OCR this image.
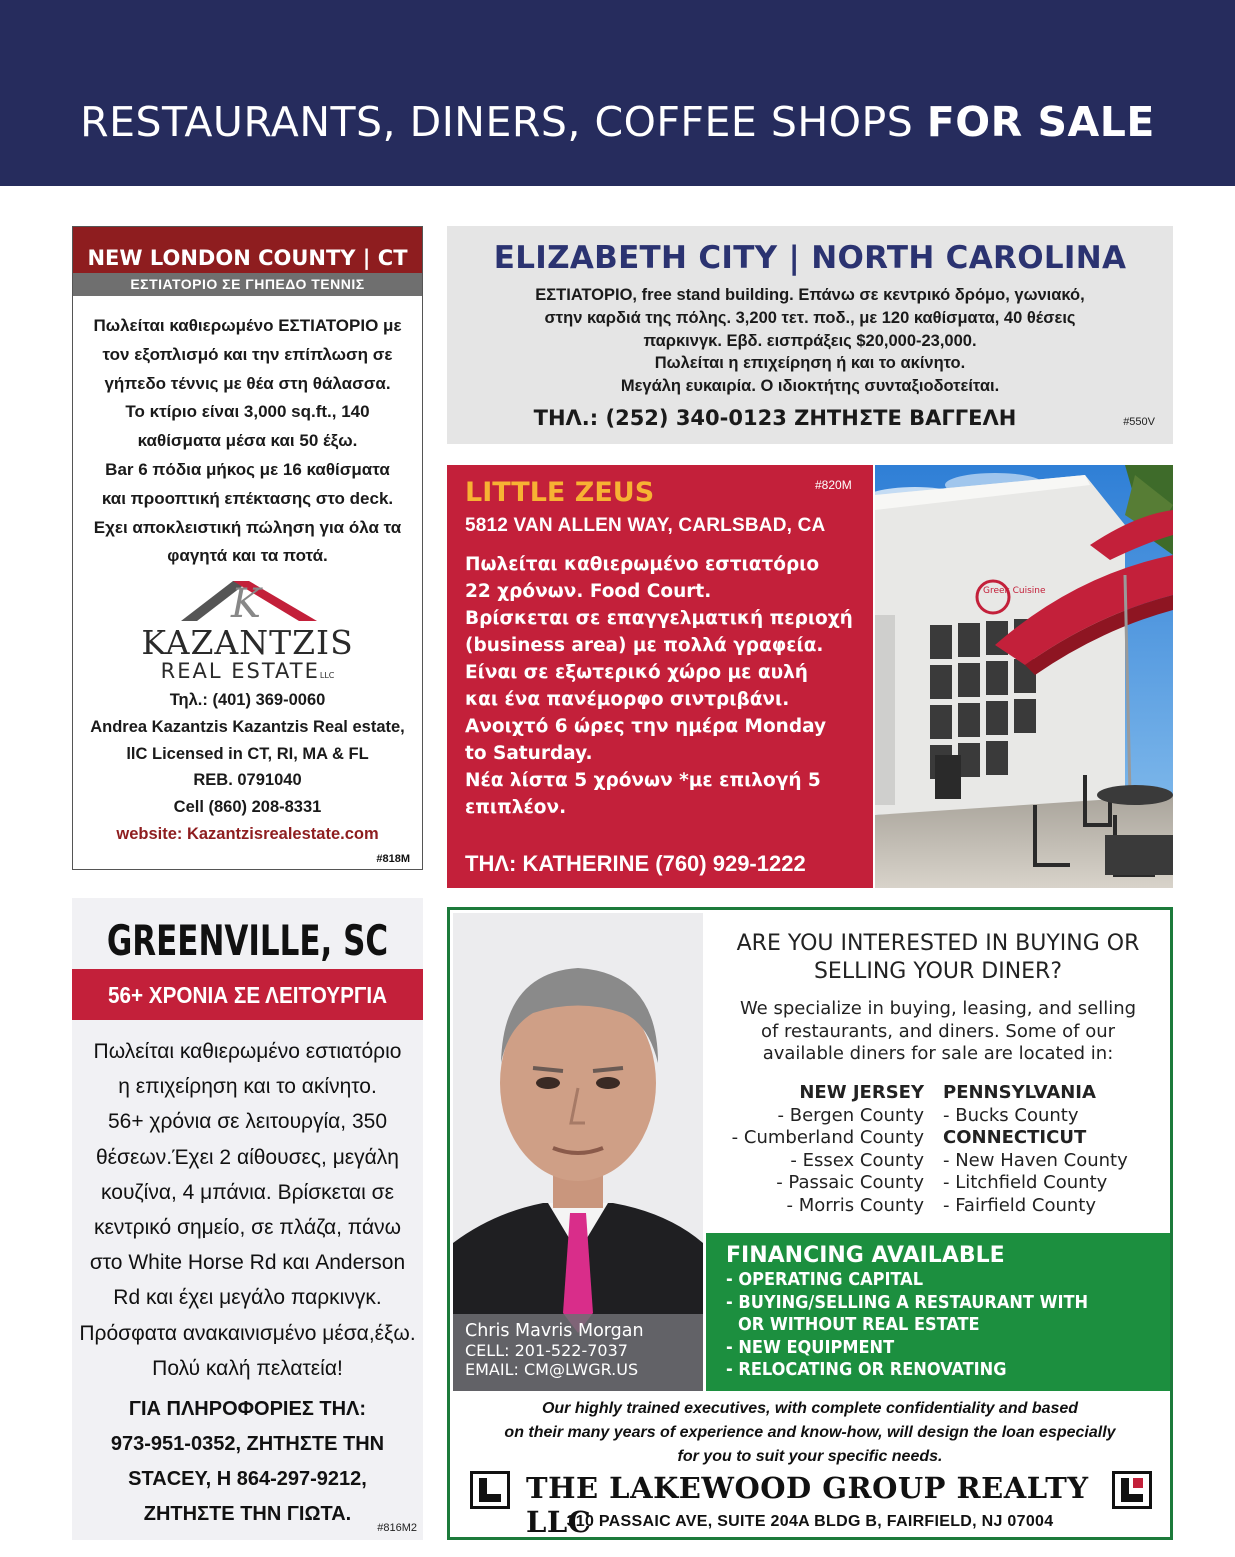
RESTAURANTS, DINERS, COFFEE SHOPS FOR SALE
NEW LONDON COUNTY | CT
ΕΣΤΙΑΤΟΡΙΟ ΣΕ ΓΗΠΕΔΟ ΤΕΝΝΙΣ
Πωλείται καθιερωμένο ΕΣΤΙΑΤΟΡΙΟ με
τον εξοπλισμό και την επίπλωση σε
γήπεδο τέννις με θέα στη θάλασσα.
Το κτίριο είναι 3,000 sq.ft., 140
καθίσματα μέσα και 50 έξω.
Bar 6 πόδια μήκος με 16 καθίσματα
και προοπτική επέκτασης στο deck.
Εχει αποκλειστική πώληση για όλα τα
φαγητά και τα ποτά.
K
KAZANTZIS
REAL ESTATELLC
Τηλ.: (401) 369-0060
Andrea Kazantzis Kazantzis Real estate,
llC Licensed in CT, RI, MA & FL
REB. 0791040
Cell (860) 208-8331
website: Kazantzisrealestate.com
#818M
ELIZABETH CITY | NORTH CAROLINA
ΕΣΤΙΑΤΟΡΙΟ, free stand building. Επάνω σε κεντρικό δρόμο, γωνιακό,
στην καρδιά της πόλης. 3,200 τετ. ποδ., με 120 καθίσματα, 40 θέσεις
παρκινγκ. Εβδ. εισπράξεις $20,000-23,000.
Πωλείται η επιχείρηση ή και το ακίνητο.
Μεγάλη ευκαιρία. Ο ιδιοκτήτης συνταξιοδοτείται.
ΤΗΛ.: (252) 340-0123 ΖΗΤΗΣΤΕ ΒΑΓΓΕΛΗ	#550V
LITTLE ZEUS	#820M
5812 VAN ALLEN WAY, CARLSBAD, CA
Πωλείται καθιερωμένο εστιατόριο
22 χρόνων. Food Court.
Βρίσκεται σε επαγγελματική περιοχή
(business area) με πολλά γραφεία.
Είναι σε εξωτερικό χώρο με αυλή
και ένα πανέμορφο σιντριβάνι.
Ανοιχτό 6 ώρες την ημέρα Monday
to Saturday.
Νέα λίστα 5 χρόνων *με επιλογή 5
επιπλέον.
ΤΗΛ: KATHERINE (760) 929-1222
Greek Cuisine
GREENVILLE, SC
56+ ΧΡΟΝΙΑ ΣΕ ΛΕΙΤΟΥΡΓΙΑ
Πωλείται καθιερωμένο εστιατόριο
η επιχείρηση και το ακίνητο.
56+ χρόνια σε λειτουργία, 350
θέσεων.Έχει 2 αίθουσες, μεγάλη
κουζίνα, 4 μπάνια. Βρίσκεται σε
κεντρικό σημείο, σε πλάζα, πάνω
στο White Horse Rd και Anderson
Rd και έχει μεγάλο παρκινγκ.
Πρόσφατα ανακαινισμένο μέσα,έξω.
Πολύ καλή πελατεία!
ΓΙΑ ΠΛΗΡΟΦΟΡΙΕΣ ΤΗΛ:
973-951-0352, ΖΗΤΗΣΤΕ ΤΗΝ
STACEY, Η 864-297-9212,
ΖΗΤΗΣΤΕ ΤΗΝ ΓΙΩΤΑ.
#816M2
Chris Mavris Morgan
CELL: 201-522-7037
EMAIL: CM@LWGR.US
ARE YOU INTERESTED IN BUYING OR
SELLING YOUR DINER?
We specialize in buying, leasing, and selling
of restaurants, and diners. Some of our
available diners for sale are located in:
NEW JERSEY
- Bergen County
- Cumberland County
- Essex County
- Passaic County
- Morris County
PENNSYLVANIA
- Bucks County
CONNECTICUT
- New Haven County
- Litchfield County
- Fairfield County
FINANCING AVAILABLE
- OPERATING CAPITAL
- BUYING/SELLING A RESTAURANT WITH
OR WITHOUT REAL ESTATE
- NEW EQUIPMENT
- RELOCATING OR RENOVATING
Our highly trained executives, with complete confidentiality and based
on their many years of experience and know-how, will design the loan especially
for you to suit your specific needs.
THE LAKEWOOD GROUP REALTY LLC
310 PASSAIC AVE, SUITE 204A BLDG B, FAIRFIELD, NJ 07004
